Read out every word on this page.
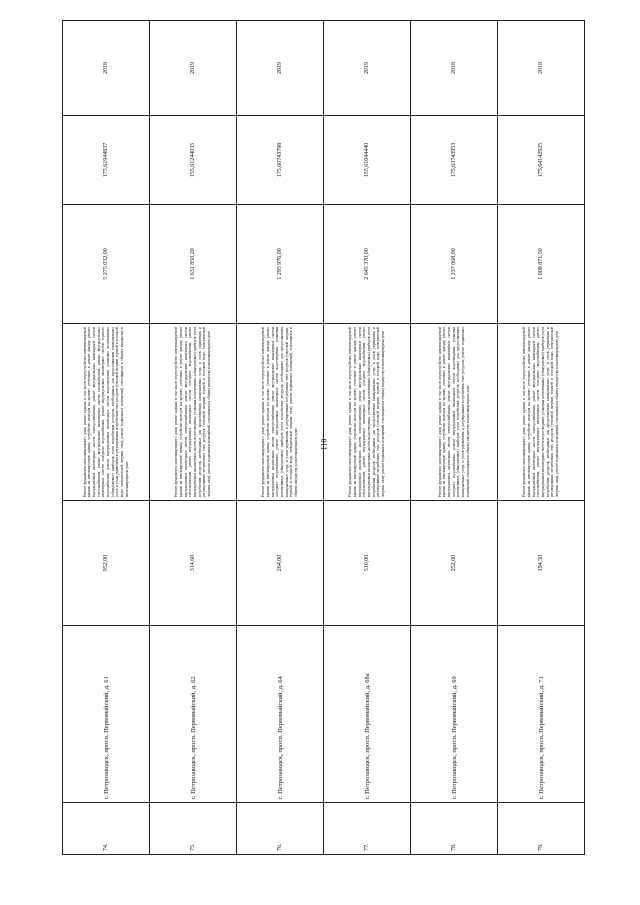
110
74.	г. Петрозаводск, просп. Первомайский, д. 61	952,00	Ремонт фундамента многоквартирного дома; ремонт крыши, в том числе переустройство невентилируемой крыши на вентилируемую крышу, устройство выходов на кровлю; утепление и ремонт фасада; ремонт внутридомовых инженерных систем электроснабжения, ремонт внутридомовых инженерных систем теплоснабжения, ремонт внутридомовых инженерных систем газоснабжения, ремонт внутридомовых инженерных систем холодного водоснабжения, ремонт внутридомовых инженерных систем горячего водоснабжения, ремонт внутридомовых инженерных систем водоотведения, установка коллективных (общедомовых) приборов учета потребления ресурсов, необходимых для предоставления коммунальных услуг, и узлов управления и регулирования потребления этих ресурсов (тепловой энергии, горячей и холодной воды, электрической энергии, газа); ремонт подвальных помещений, относящихся к общему имуществу в многоквартирном доме	5 275 032,00	175,61944837	2018
75.	г. Петрозаводск, просп. Первомайский, д. 62	314,60	Ремонт фундамента многоквартирного дома; ремонт крыши, в том числе переустройство невентилируемой крыши на вентилируемую крышу, устройство выходов на кровлю; утепление и ремонт фасада; ремонт внутридомовых инженерных систем электроснабжения, ремонт внутридомовых инженерных систем теплоснабжения, ремонт внутридомовых инженерных систем холодного водоснабжения, ремонт внутридомовых инженерных систем водоотведения, установка коллективных (общедомовых) приборов учета потребления ресурсов, необходимых для предоставления коммунальных услуг, и узлов управления и регулирования потребления этих ресурсов (тепловой энергии, горячей и холодной воды, электрической энергии, газа); ремонт подвальных помещений, относящихся к общему имуществу в многоквартирном доме	1 631 850,20	155,61244035	2019
76.	г. Петрозаводск, просп. Первомайский, д. 64	264,00	Ремонт фундамента многоквартирного дома; ремонт крыши, в том числе переустройство невентилируемой крыши на вентилируемую крышу, устройство выходов на кровлю; утепление и ремонт фасада; ремонт внутридомовых инженерных систем электроснабжения, ремонт внутридомовых инженерных систем холодного водоснабжения, ремонт внутридомовых инженерных систем водоотведения, установка коллективных (общедомовых) приборов учета потребления ресурсов, необходимых для предоставления коммунальных услуг, и узлов управления и регулирования потребления этих ресурсов (тепловой энергии, горячей и холодной воды, электрической энергии, газа); ремонт подвальных помещений, относящихся к общему имуществу в многоквартирном доме	1 295 976,00	175,60743798	2019
77.	г. Петрозаводск, просп. Первомайский, д. 68а	510,00	Ремонт фундамента многоквартирного дома; ремонт крыши, в том числе переустройство невентилируемой крыши на вентилируемую крышу, устройство выходов на кровлю; утепление и ремонт фасада; ремонт внутридомовых инженерных систем электроснабжения, ремонт внутридомовых инженерных систем теплоснабжения, ремонт внутридомовых инженерных систем холодного водоснабжения, ремонт внутридомовых инженерных систем водоотведения, установка коллективных (общедомовых) приборов учета потребления ресурсов, необходимых для предоставления коммунальных услуг, и узлов управления и регулирования потребления этих ресурсов (тепловой энергии, горячей и холодной воды, электрической энергии, газа); ремонт подвальных помещений, относящихся к общему имуществу в многоквартирном доме	2 645 370,00	155,61044440	2019
78.	г. Петрозаводск, просп. Первомайский, д. 69	252,00	Ремонт фундамента многоквартирного дома; ремонт крыши, в том числе переустройство невентилируемой крыши на вентилируемую крышу, устройство выходов на кровлю; утепление и ремонт фасада; ремонт внутридомовых инженерных систем электроснабжения, ремонт внутридомовых инженерных систем холодного водоснабжения, ремонт внутридомовых инженерных систем водоотведения, установка коллективных (общедомовых) приборов учета потребления ресурсов, необходимых для предоставления коммунальных услуг, и узлов управления и регулирования потребления этих ресурсов; ремонт подвальных помещений, относящихся к общему имуществу в многоквартирном доме	1 237 068,00	175,63743953	2018
79.	г. Петрозаводск, просп. Первомайский, д. 71	194,50	Ремонт фундамента многоквартирного дома; ремонт крыши, в том числе переустройство невентилируемой крыши на вентилируемую крышу, устройство выходов на кровлю; утепление и ремонт фасада; ремонт внутридомовых инженерных систем электроснабжения, ремонт внутридомовых инженерных систем теплоснабжения, ремонт внутридомовых инженерных систем холодного водоснабжения, ремонт внутридомовых инженерных систем водоотведения, установка коллективных (общедомовых) приборов учета потребления ресурсов, необходимых для предоставления коммунальных услуг, и узлов управления и регулирования потребления этих ресурсов (тепловой энергии, горячей и холодной воды, электрической энергии, газа); ремонт подвальных помещений, относящихся к общему имуществу в многоквартирном доме	1 008 871,50	175,64142925	2018
